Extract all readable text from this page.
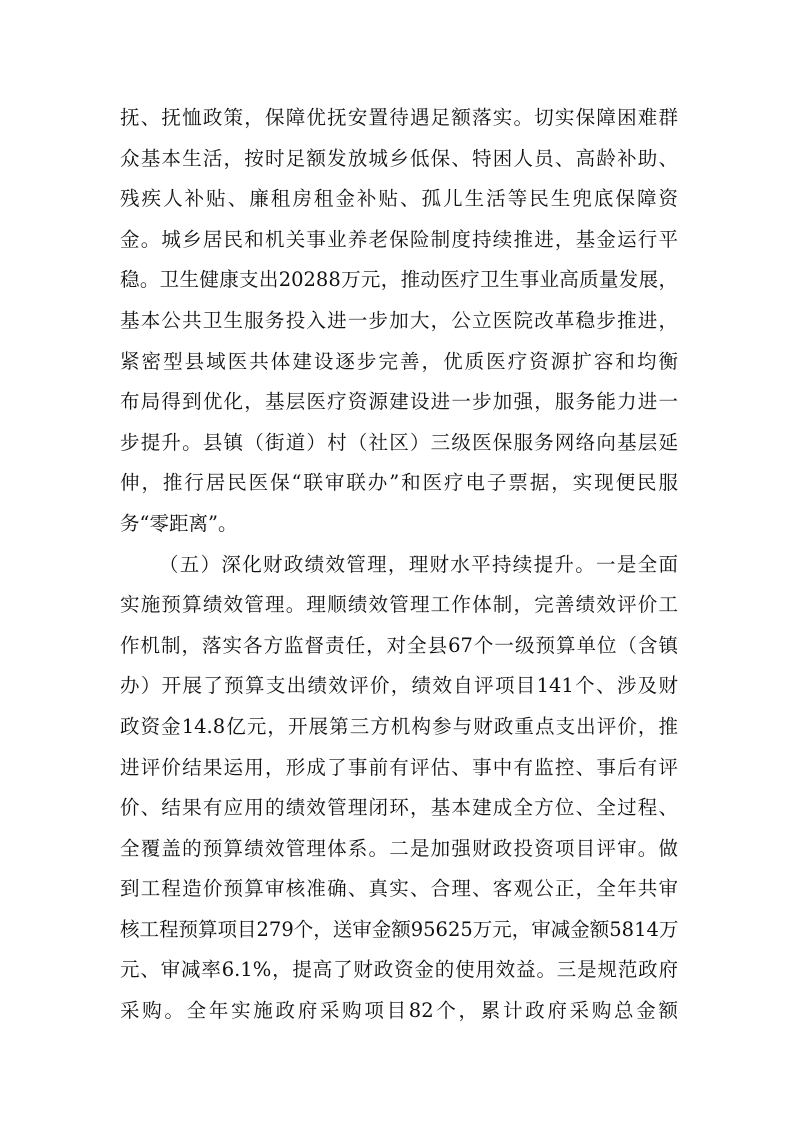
抚、抚恤政策，保障优抚安置待遇足额落实。切实保障困难群
众基本生活，按时足额发放城乡低保、特困人员、高龄补助、
残疾人补贴、廉租房租金补贴、孤儿生活等民生兜底保障资
金。城乡居民和机关事业养老保险制度持续推进，基金运行平
稳。卫生健康支出20288万元，推动医疗卫生事业高质量发展，
基本公共卫生服务投入进一步加大，公立医院改革稳步推进，
紧密型县域医共体建设逐步完善，优质医疗资源扩容和均衡
布局得到优化，基层医疗资源建设进一步加强，服务能力进一
步提升。县镇（街道）村（社区）三级医保服务网络向基层延
伸，推行居民医保“联审联办”和医疗电子票据，实现便民服
务“零距离”。
（五）深化财政绩效管理，理财水平持续提升。一是全面
实施预算绩效管理。理顺绩效管理工作体制，完善绩效评价工
作机制，落实各方监督责任，对全县67个一级预算单位（含镇
办）开展了预算支出绩效评价，绩效自评项目141个、涉及财
政资金14.8亿元，开展第三方机构参与财政重点支出评价，推
进评价结果运用，形成了事前有评估、事中有监控、事后有评
价、结果有应用的绩效管理闭环，基本建成全方位、全过程、
全覆盖的预算绩效管理体系。二是加强财政投资项目评审。做
到工程造价预算审核准确、真实、合理、客观公正，全年共审
核工程预算项目279个，送审金额95625万元，审减金额5814万
元、审减率6.1%，提高了财政资金的使用效益。三是规范政府
采购。全年实施政府采购项目82个，累计政府采购总金额
